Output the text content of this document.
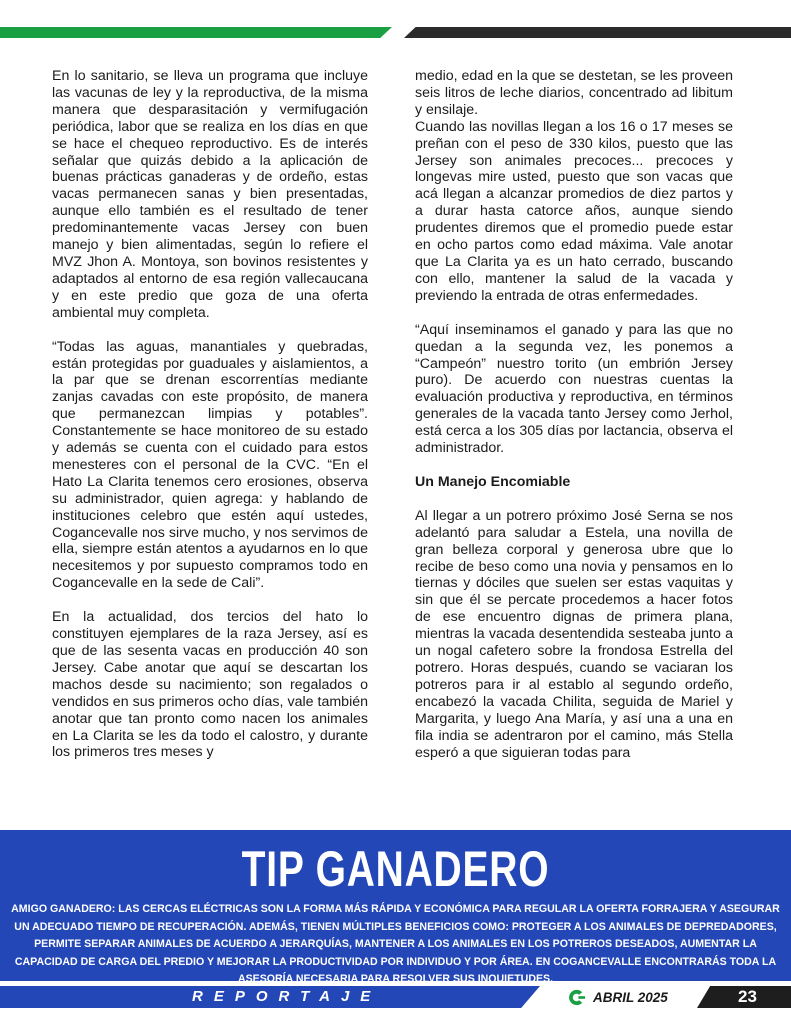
En lo sanitario, se lleva un programa que incluye las vacunas de ley y la reproductiva, de la misma manera que desparasitación y vermifugación periódica, labor que se realiza en los días en que se hace el chequeo reproductivo. Es de interés señalar que quizás debido a la aplicación de buenas prácticas ganaderas y de ordeño, estas vacas permanecen sanas y bien presentadas, aunque ello también es el resultado de tener predominantemente vacas Jersey con buen manejo y bien alimentadas, según lo refiere el MVZ Jhon A. Montoya, son bovinos resistentes y adaptados al entorno de esa región vallecaucana y en este predio que goza de una oferta ambiental muy completa.

“Todas las aguas, manantiales y quebradas, están protegidas por guaduales y aislamientos, a la par que se drenan escorrentías mediante zanjas cavadas con este propósito, de manera que permanezcan limpias y potables”. Constantemente se hace monitoreo de su estado y además se cuenta con el cuidado para estos menesteres con el personal de la CVC. “En el Hato La Clarita tenemos cero erosiones, observa su administrador, quien agrega: y hablando de instituciones celebro que estén aquí ustedes, Cogancevalle nos sirve mucho, y nos servimos de ella, siempre están atentos a ayudarnos en lo que necesitemos y por supuesto compramos todo en Cogancevalle en la sede de Cali”.

En la actualidad, dos tercios del hato lo constituyen ejemplares de la raza Jersey, así es que de las sesenta vacas en producción 40 son Jersey. Cabe anotar que aquí se descartan los machos desde su nacimiento; son regalados o vendidos en sus primeros ocho días, vale también anotar que tan pronto como nacen los animales en La Clarita se les da todo el calostro, y durante los primeros tres meses y

medio, edad en la que se destetan, se les proveen seis litros de leche diarios, concentrado ad libitum y ensilaje.

Cuando las novillas llegan a los 16 o 17 meses se preñan con el peso de 330 kilos, puesto que las Jersey son animales precoces... precoces y longevas mire usted, puesto que son vacas que acá llegan a alcanzar promedios de diez partos y a durar hasta catorce años, aunque siendo prudentes diremos que el promedio puede estar en ocho partos como edad máxima. Vale anotar que La Clarita ya es un hato cerrado, buscando con ello, mantener la salud de la vacada y previendo la entrada de otras enfermedades.

“Aquí inseminamos el ganado y para las que no quedan a la segunda vez, les ponemos a “Campeón” nuestro torito (un embrión Jersey puro). De acuerdo con nuestras cuentas la evaluación productiva y reproductiva, en términos generales de la vacada tanto Jersey como Jerhol, está cerca a los 305 días por lactancia, observa el administrador.

Un Manejo Encomiable

Al llegar a un potrero próximo José Serna se nos adelantó para saludar a Estela, una novilla de gran belleza corporal y generosa ubre que lo recibe de beso como una novia y pensamos en lo tiernas y dóciles que suelen ser estas vaquitas y sin que él se percate procedemos a hacer fotos de ese encuentro dignas de primera plana, mientras la vacada desentendida sesteaba junto a un nogal cafetero sobre la frondosa Estrella del potrero. Horas después, cuando se vaciaran los potreros para ir al establo al segundo ordeño, encabezó la vacada Chilita, seguida de Mariel y Margarita, y luego Ana María, y así una a una en fila india se adentraron por el camino, más Stella esperó a que siguieran todas para

TIP GANADERO
AMIGO GANADERO: LAS CERCAS ELÉCTRICAS SON LA FORMA MÁS RÁPIDA Y ECONÓMICA PARA REGULAR LA OFERTA FORRAJERA Y ASEGURAR UN ADECUADO TIEMPO DE RECUPERACIÓN. ADEMÁS, TIENEN MÚLTIPLES BENEFICIOS COMO: PROTEGER A LOS ANIMALES DE DEPREDADORES, PERMITE SEPARAR ANIMALES DE ACUERDO A JERARQUÍAS, MANTENER A LOS ANIMALES EN LOS POTREROS DESEADOS, AUMENTAR LA CAPACIDAD DE CARGA DEL PREDIO Y MEJORAR LA PRODUCTIVIDAD POR INDIVIDUO Y POR ÁREA. EN COGANCEVALLE ENCONTRARÁS TODA LA ASESORÍA NECESARIA PARA RESOLVER SUS INQUIETUDES.
REPORTAJE	ABRIL 2025	23
